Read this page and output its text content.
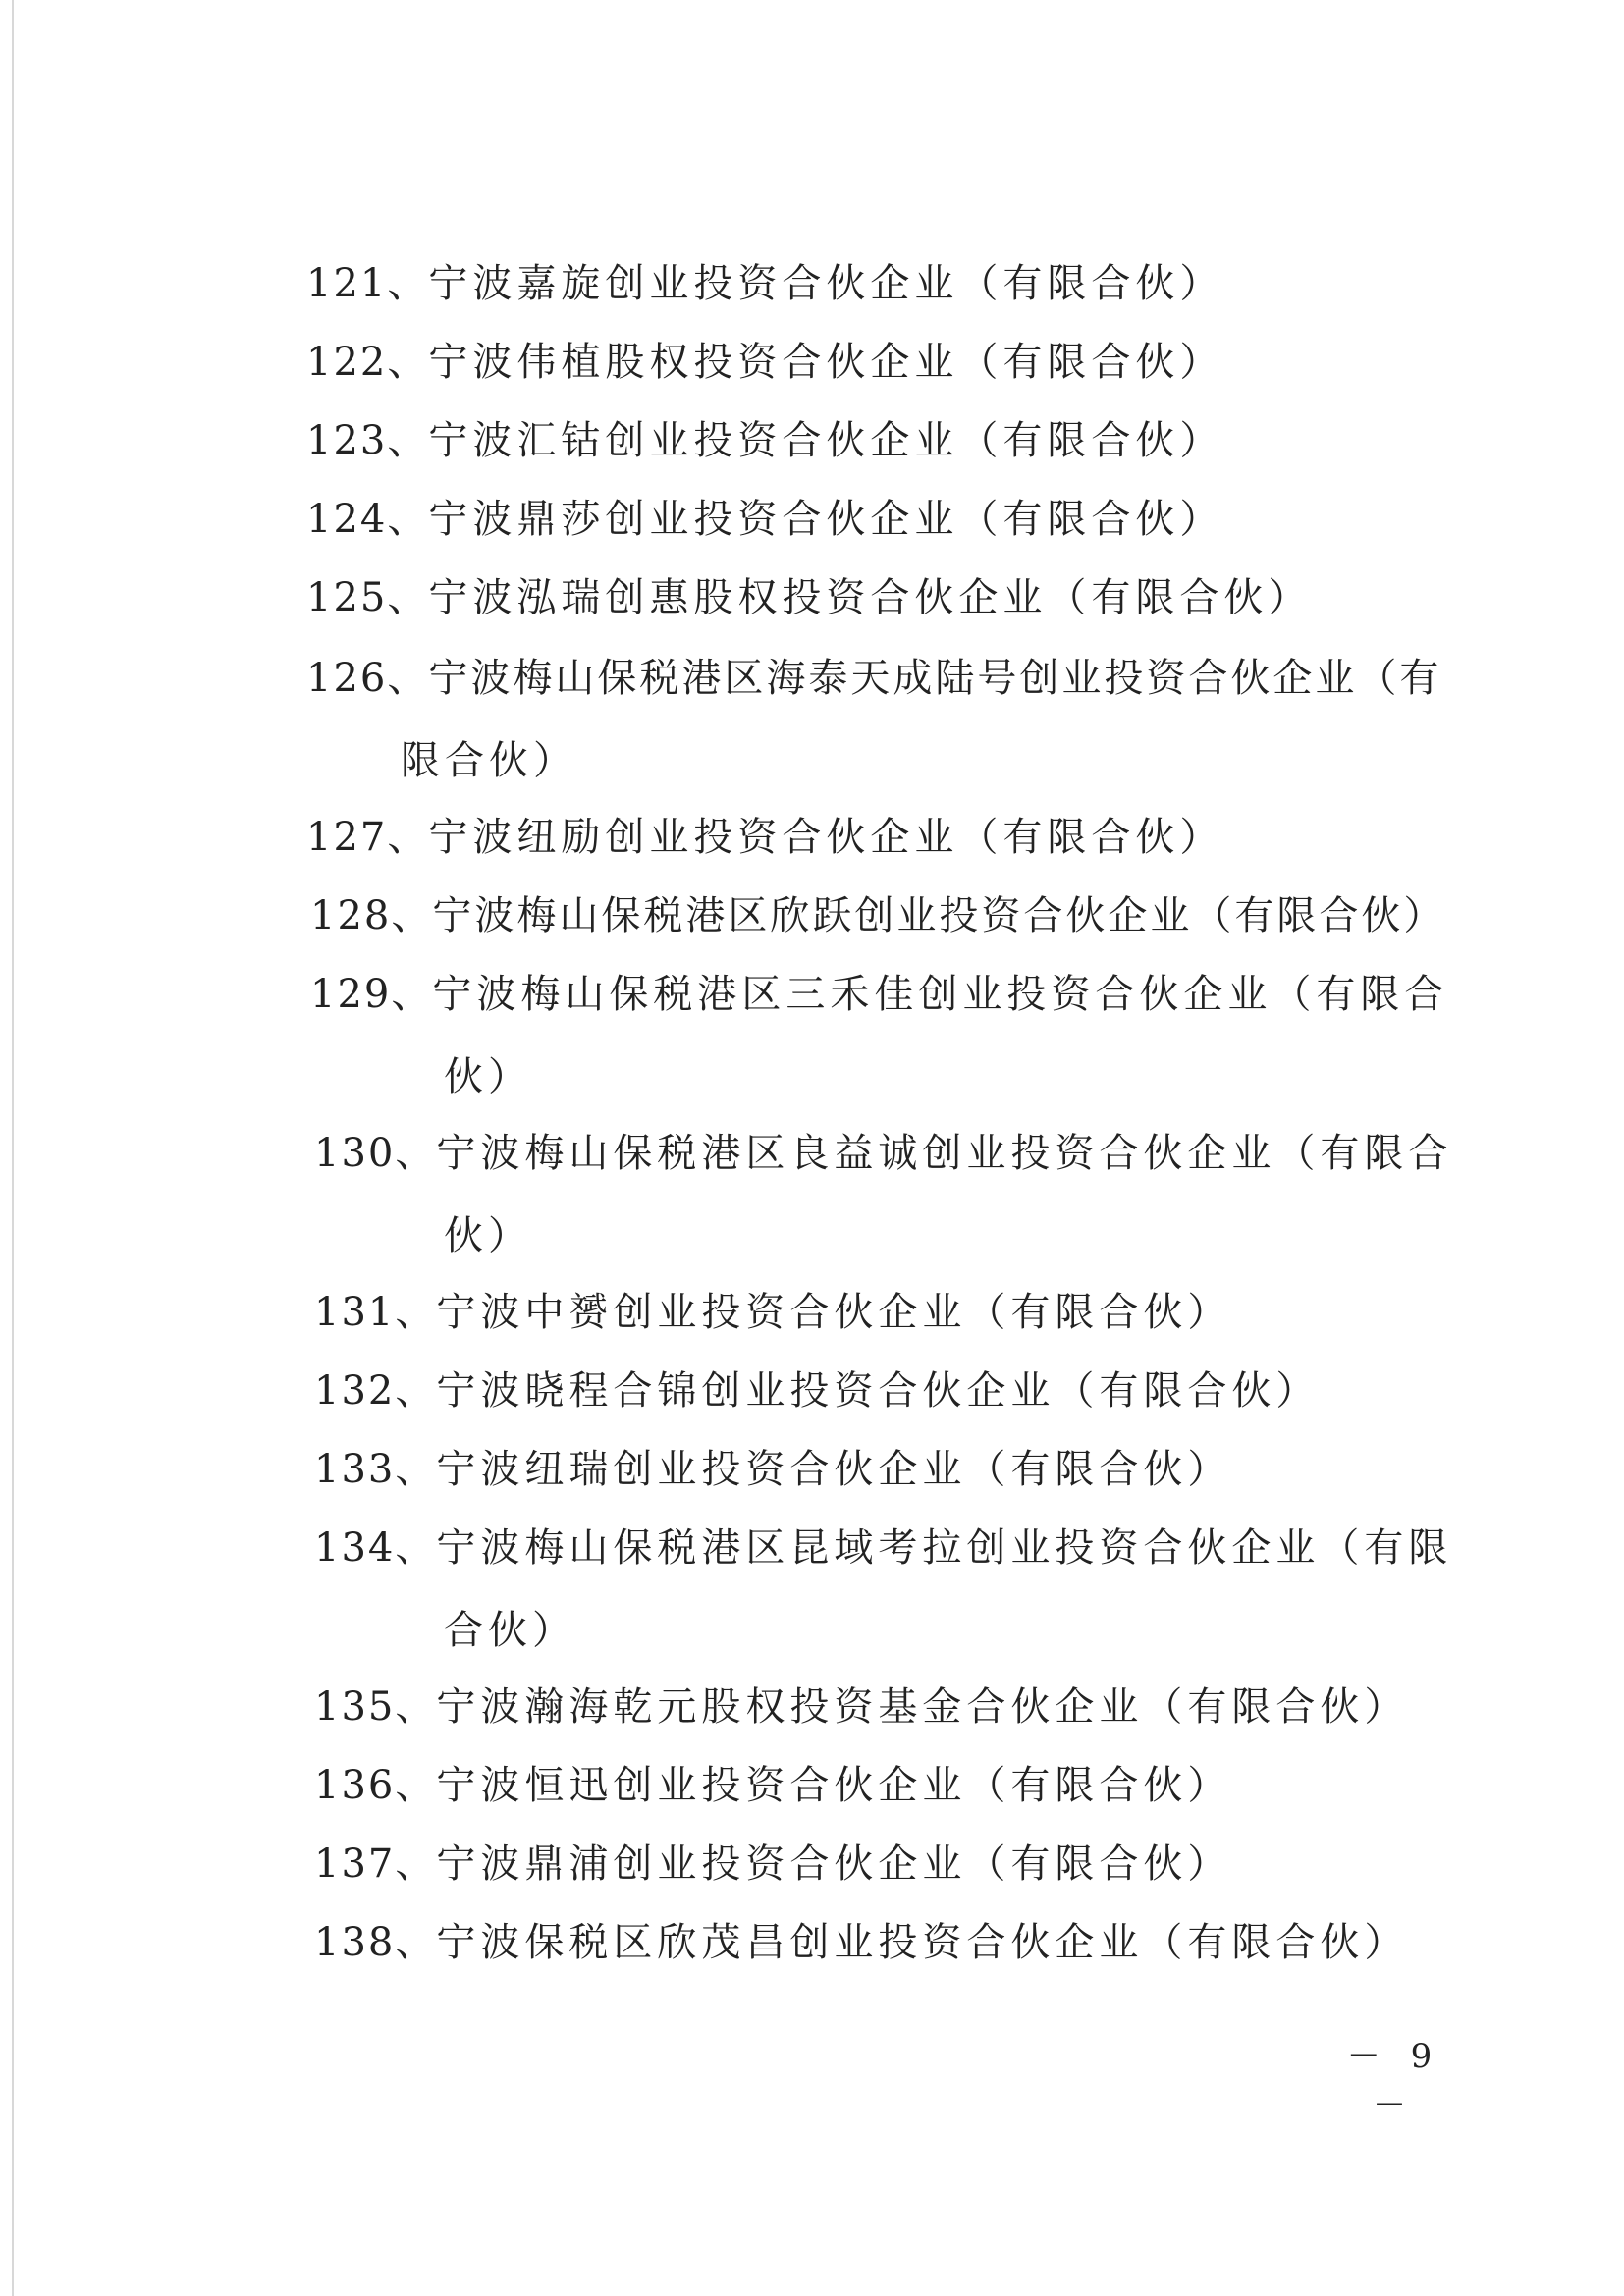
121、宁波嘉旋创业投资合伙企业（有限合伙）

122、宁波伟植股权投资合伙企业（有限合伙）

123、宁波汇钴创业投资合伙企业（有限合伙）

124、宁波鼎莎创业投资合伙企业（有限合伙）

125、宁波泓瑞创惠股权投资合伙企业（有限合伙）

126、宁波梅山保税港区海泰天成陆号创业投资合伙企业（有

限合伙）

127、宁波纽励创业投资合伙企业（有限合伙）

128、宁波梅山保税港区欣跃创业投资合伙企业（有限合伙）

129、宁波梅山保税港区三禾佳创业投资合伙企业（有限合

伙）

130、宁波梅山保税港区良益诚创业投资合伙企业（有限合

伙）

131、宁波中赟创业投资合伙企业（有限合伙）

132、宁波晓程合锦创业投资合伙企业（有限合伙）

133、宁波纽瑞创业投资合伙企业（有限合伙）

134、宁波梅山保税港区昆域考拉创业投资合伙企业（有限

合伙）

135、宁波瀚海乾元股权投资基金合伙企业（有限合伙）

136、宁波恒迅创业投资合伙企业（有限合伙）

137、宁波鼎浦创业投资合伙企业（有限合伙）

138、宁波保税区欣茂昌创业投资合伙企业（有限合伙）

－ 9 －
